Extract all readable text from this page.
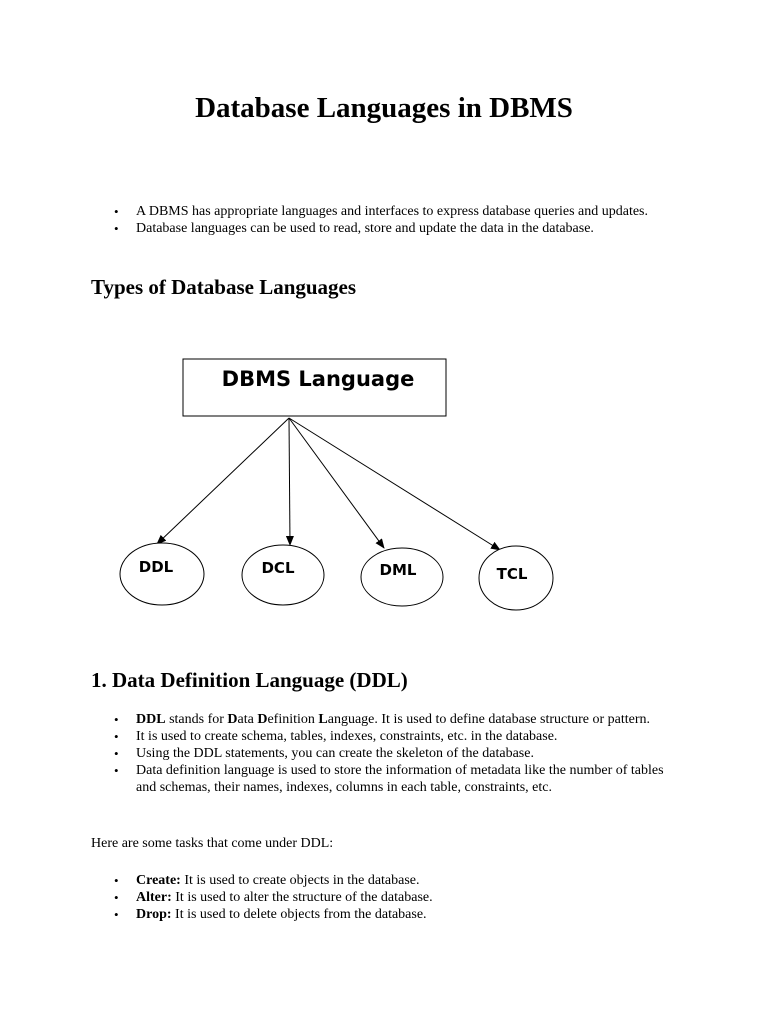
Database Languages in DBMS
• A DBMS has appropriate languages and interfaces to express database queries and updates.
• Database languages can be used to read, store and update the data in the database.
Types of Database Languages
DBMS Language
DDL	DCL	DML	TCL
1. Data Definition Language (DDL)
• DDL stands for Data Definition Language. It is used to define database structure or pattern.
• It is used to create schema, tables, indexes, constraints, etc. in the database.
• Using the DDL statements, you can create the skeleton of the database.
• Data definition language is used to store the information of metadata like the number of tables and schemas, their names, indexes, columns in each table, constraints, etc.

Here are some tasks that come under DDL:

• Create: It is used to create objects in the database.
• Alter: It is used to alter the structure of the database.
• Drop: It is used to delete objects from the database.
